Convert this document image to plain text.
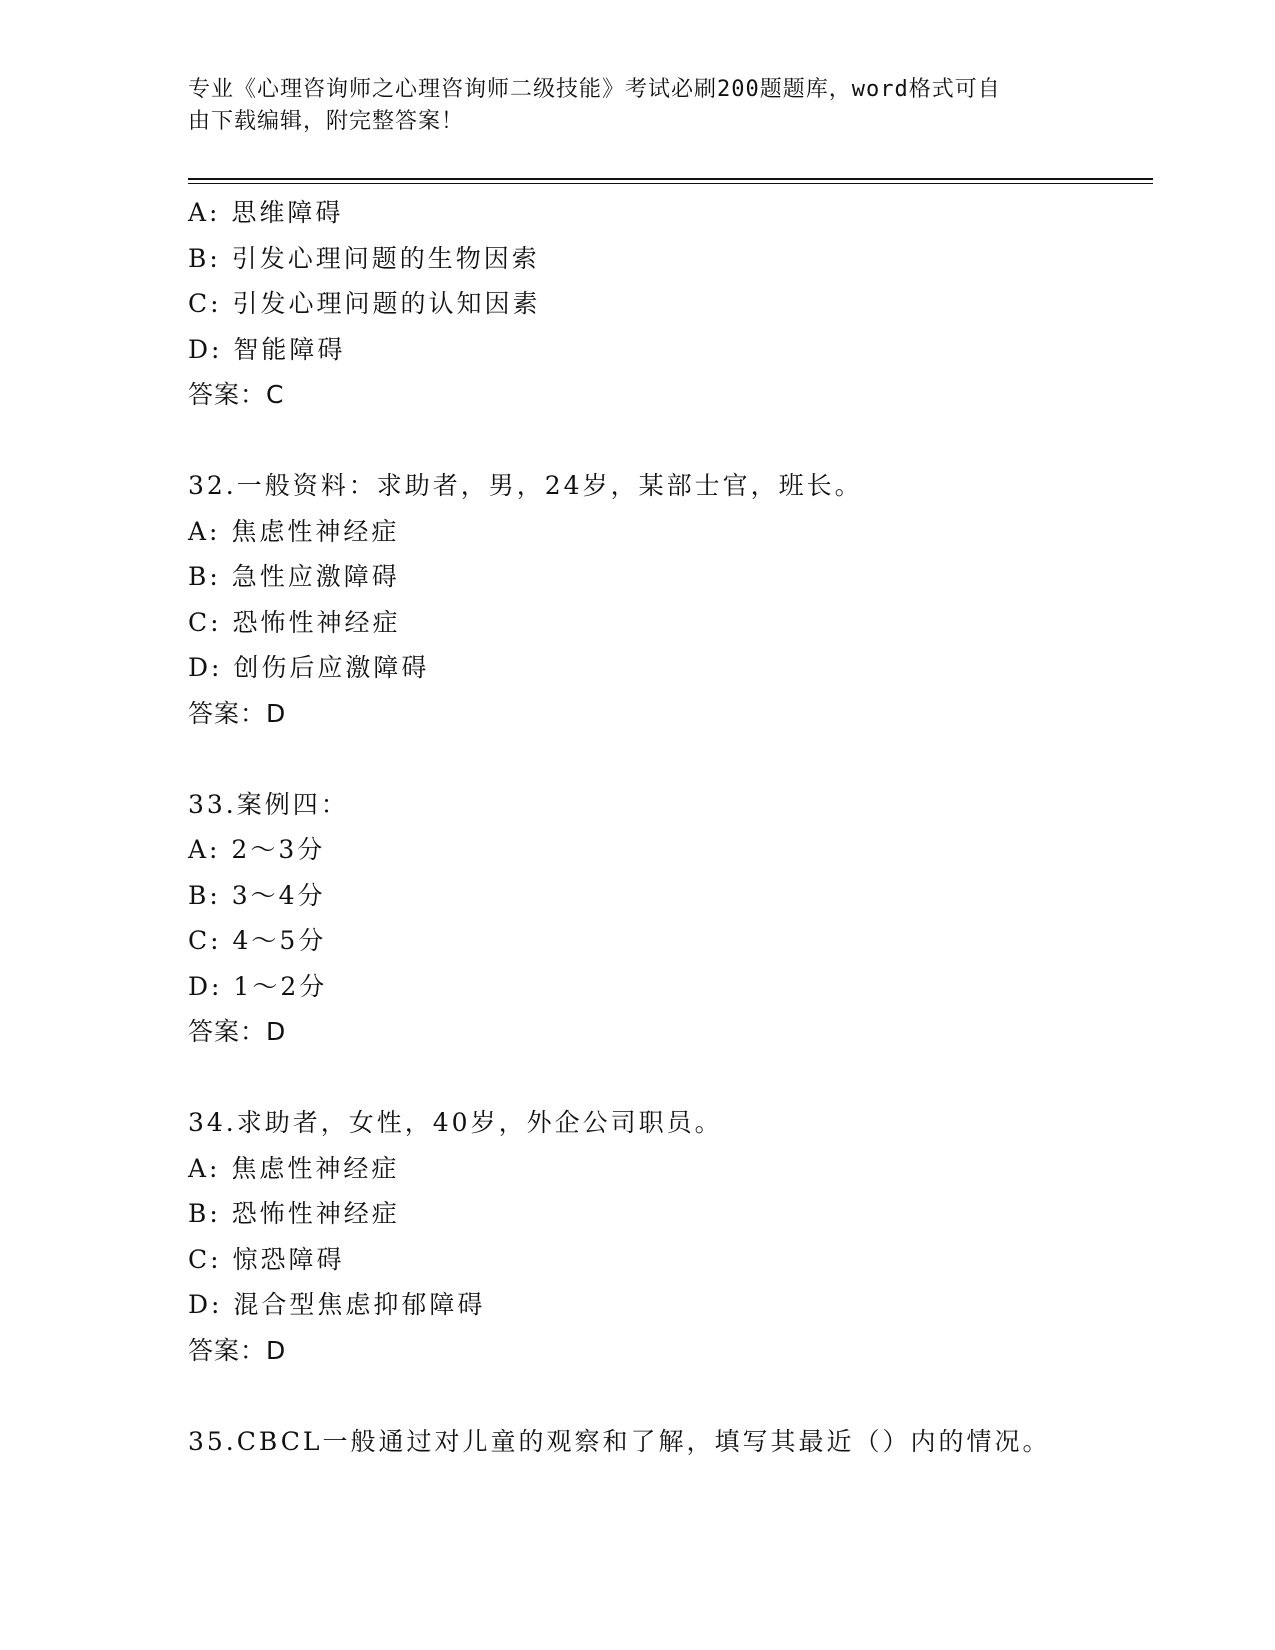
专业《心理咨询师之心理咨询师二级技能》考试必刷200题题库，word格式可自
由下载编辑，附完整答案！
A: 思维障碍
B: 引发心理问题的生物因索
C: 引发心理问题的认知因素
D: 智能障碍
答案：C
32.一般资料：求助者，男，24岁，某部士官，班长。
A: 焦虑性神经症
B: 急性应激障碍
C: 恐怖性神经症
D: 创伤后应激障碍
答案：D
33.案例四：
A: 2～3分
B: 3～4分
C: 4～5分
D: 1～2分
答案：D
34.求助者，女性，40岁，外企公司职员。
A: 焦虑性神经症
B: 恐怖性神经症
C: 惊恐障碍
D: 混合型焦虑抑郁障碍
答案：D
35.CBCL一般通过对儿童的观察和了解，填写其最近（）内的情况。
